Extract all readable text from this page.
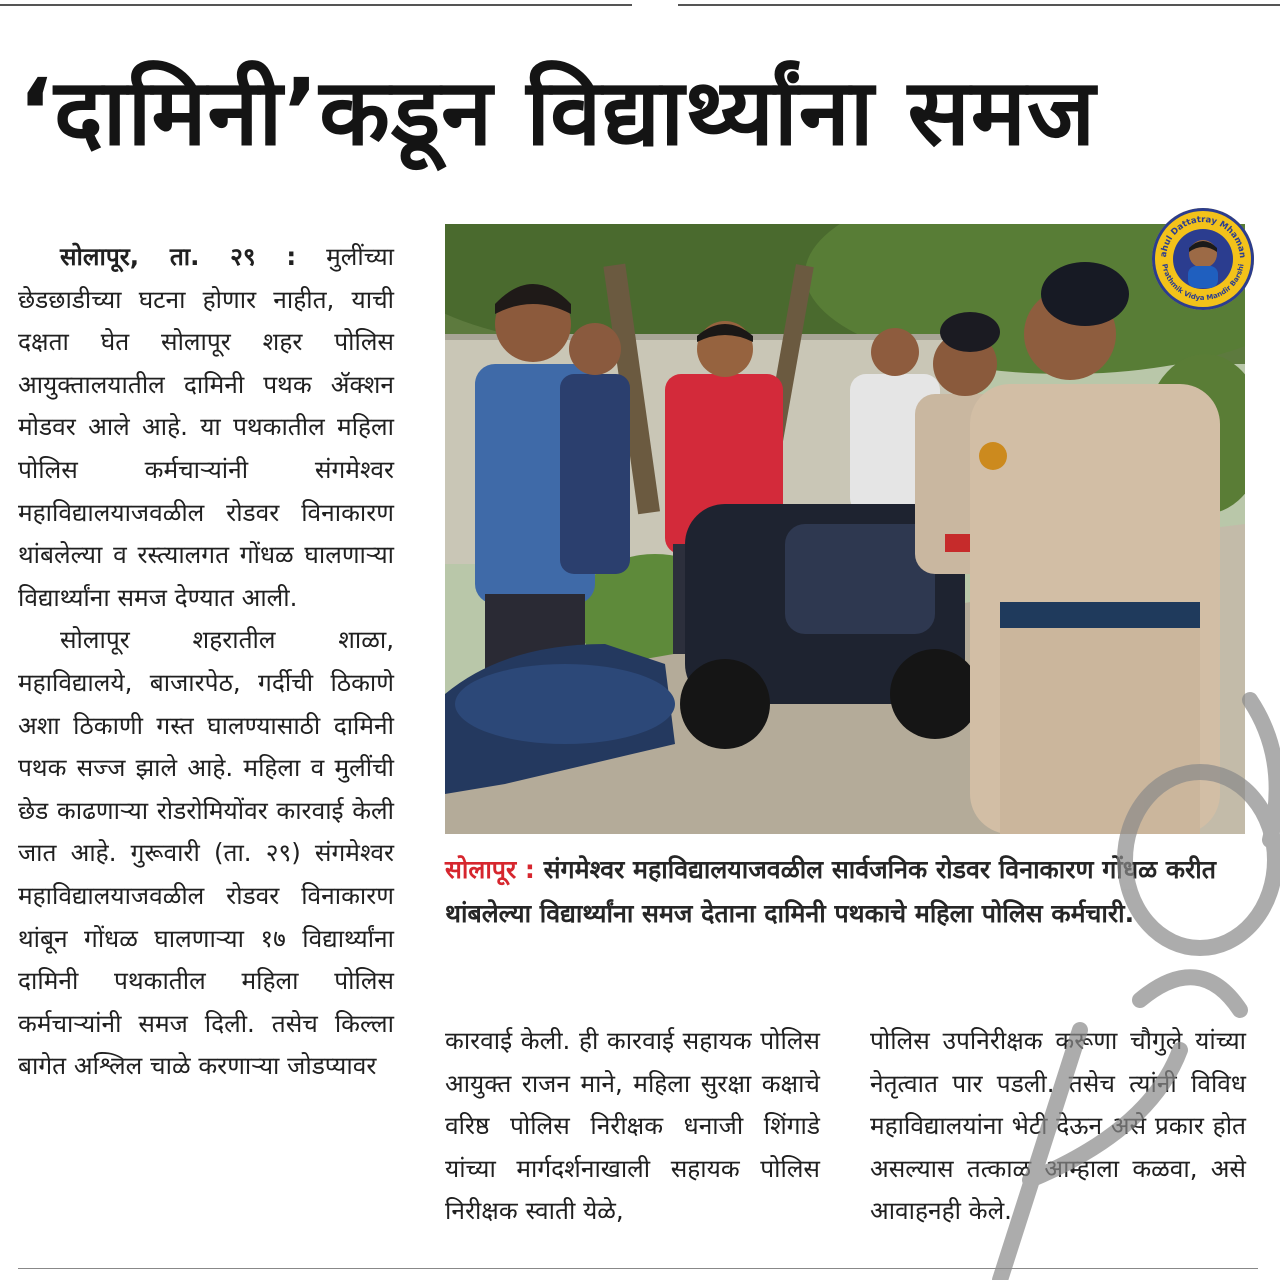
‘दामिनी’कडून विद्यार्थ्यांना समज

सोलापूर, ता. २९ : मुलींच्या छेडछाडीच्या घटना होणार नाहीत, याची दक्षता घेत सोलापूर शहर पोलिस आयुक्तालयातील दामिनी पथक ॲक्शन मोडवर आले आहे. या पथकातील महिला पोलिस कर्मचाऱ्यांनी संगमेश्‍वर महाविद्यालयाजवळील रोडवर विनाकारण थांबलेल्या व रस्त्यालगत गोंधळ घालणाऱ्या विद्यार्थ्यांना समज देण्यात आली.

सोलापूर शहरातील शाळा, महाविद्यालये, बाजारपेठ, गर्दीची ठिकाणे अशा ठिकाणी गस्त घालण्यासाठी दामिनी पथक सज्ज झाले आहे. महिला व मुलींची छेड काढणाऱ्या रोडरोमियोंवर कारवाई केली जात आहे. गुरूवारी (ता. २९) संगमेश्‍वर महाविद्यालयाजवळील रोडवर विनाकारण थांबून गोंधळ घालणाऱ्या १७ विद्यार्थ्यांना दामिनी पथकातील महिला पोलिस कर्मचाऱ्यांनी समज दिली. तसेच किल्ला बागेत अश्लिल चाळे करणाऱ्या जोडप्यावर

ahul Dattatray Mhaman
Prathmik Vidya Mandir Barshi
सोलापूर : संगमेश्‍वर महाविद्यालयाजवळील सार्वजनिक रोडवर विनाकारण गोंधळ करीत थांबलेल्या विद्यार्थ्यांना समज देताना दामिनी पथकाचे महिला पोलिस कर्मचारी.

कारवाई केली. ही कारवाई सहायक पोलिस आयुक्त राजन माने, महिला सुरक्षा कक्षाचे वरिष्ठ पोलिस निरीक्षक धनाजी शिंगाडे यांच्या मार्गदर्शनाखाली सहायक पोलिस निरीक्षक स्वाती येळे,

पोलिस उपनिरीक्षक करूणा चौगुले यांच्या नेतृत्वात पार पडली. तसेच त्यांनी विविध महाविद्यालयांना भेटी देऊन असे प्रकार होत असल्यास तत्काळ आम्हाला कळवा, असे आवाहनही केले.
